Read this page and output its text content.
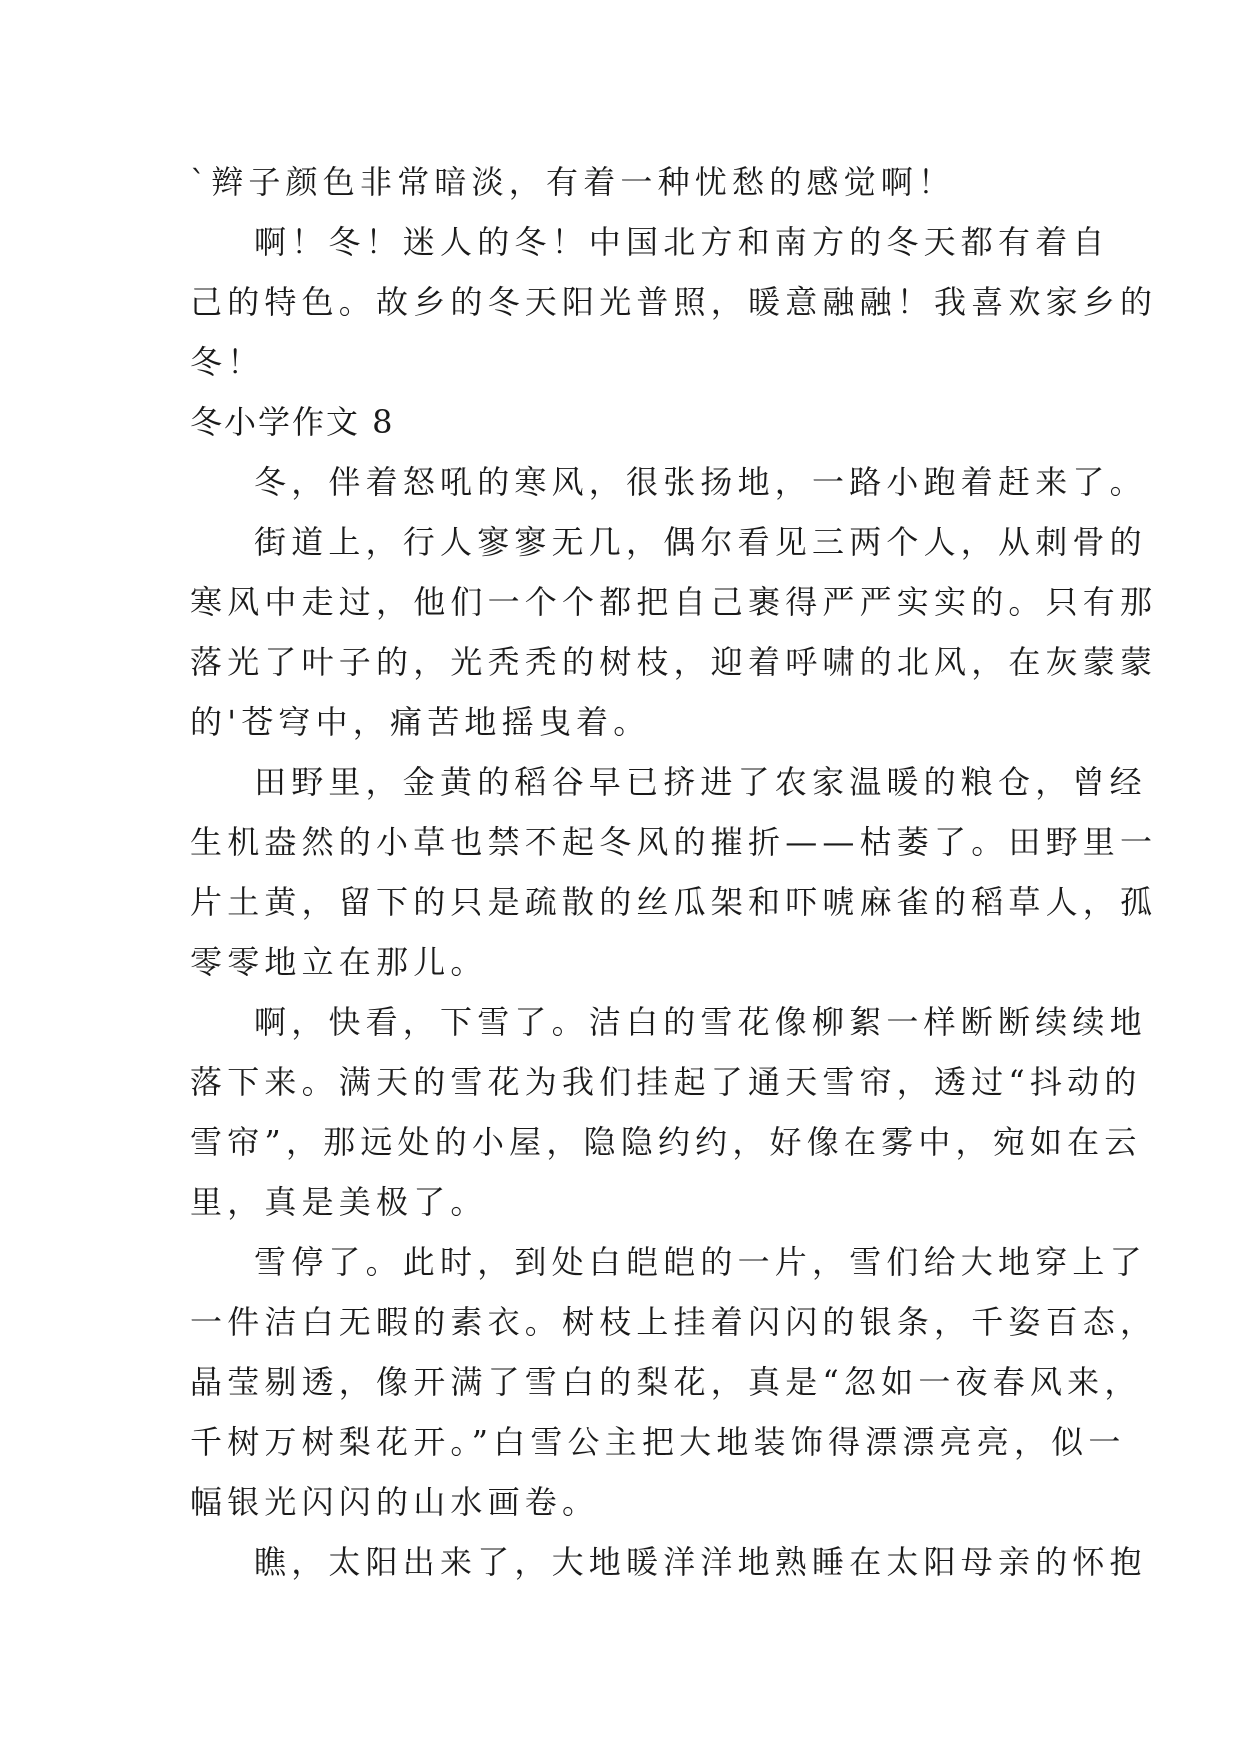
`辫子颜色非常暗淡，有着一种忧愁的感觉啊！
啊！冬！迷人的冬！中国北方和南方的冬天都有着自
己的特色。故乡的冬天阳光普照，暖意融融！我喜欢家乡的
冬！
冬小学作文 8
冬，伴着怒吼的寒风，很张扬地，一路小跑着赶来了。
街道上，行人寥寥无几，偶尔看见三两个人，从刺骨的
寒风中走过，他们一个个都把自己裹得严严实实的。只有那
落光了叶子的，光秃秃的树枝，迎着呼啸的北风，在灰蒙蒙
的'苍穹中，痛苦地摇曳着。
田野里，金黄的稻谷早已挤进了农家温暖的粮仓，曾经
生机盎然的小草也禁不起冬风的摧折——枯萎了。田野里一
片土黄，留下的只是疏散的丝瓜架和吓唬麻雀的稻草人，孤
零零地立在那儿。
啊，快看，下雪了。洁白的雪花像柳絮一样断断续续地
落下来。满天的雪花为我们挂起了通天雪帘，透过“抖动的
雪帘”，那远处的小屋，隐隐约约，好像在雾中，宛如在云
里，真是美极了。
雪停了。此时，到处白皑皑的一片，雪们给大地穿上了
一件洁白无暇的素衣。树枝上挂着闪闪的银条，千姿百态，
晶莹剔透，像开满了雪白的梨花，真是“忽如一夜春风来，
千树万树梨花开。”白雪公主把大地装饰得漂漂亮亮，似一
幅银光闪闪的山水画卷。
瞧，太阳出来了，大地暖洋洋地熟睡在太阳母亲的怀抱
